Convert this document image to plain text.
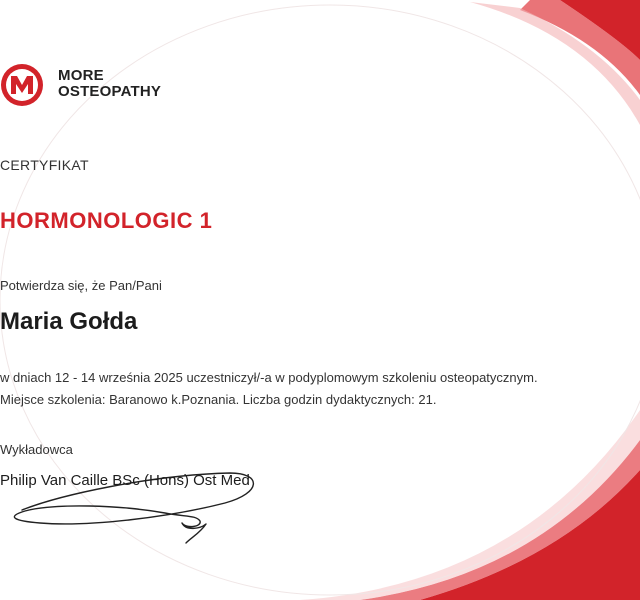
MORE
OSTEOPATHY
CERTYFIKAT
HORMONOLOGIC 1
Potwierdza się, że Pan/Pani
Maria Gołda
w dniach 12 - 14 września 2025 uczestniczył/-a w podyplomowym szkoleniu osteopatycznym.
Miejsce szkolenia: Baranowo k.Poznania. Liczba godzin dydaktycznych: 21.
Wykładowca
Philip Van Caille BSc (Hons) Ost Med
